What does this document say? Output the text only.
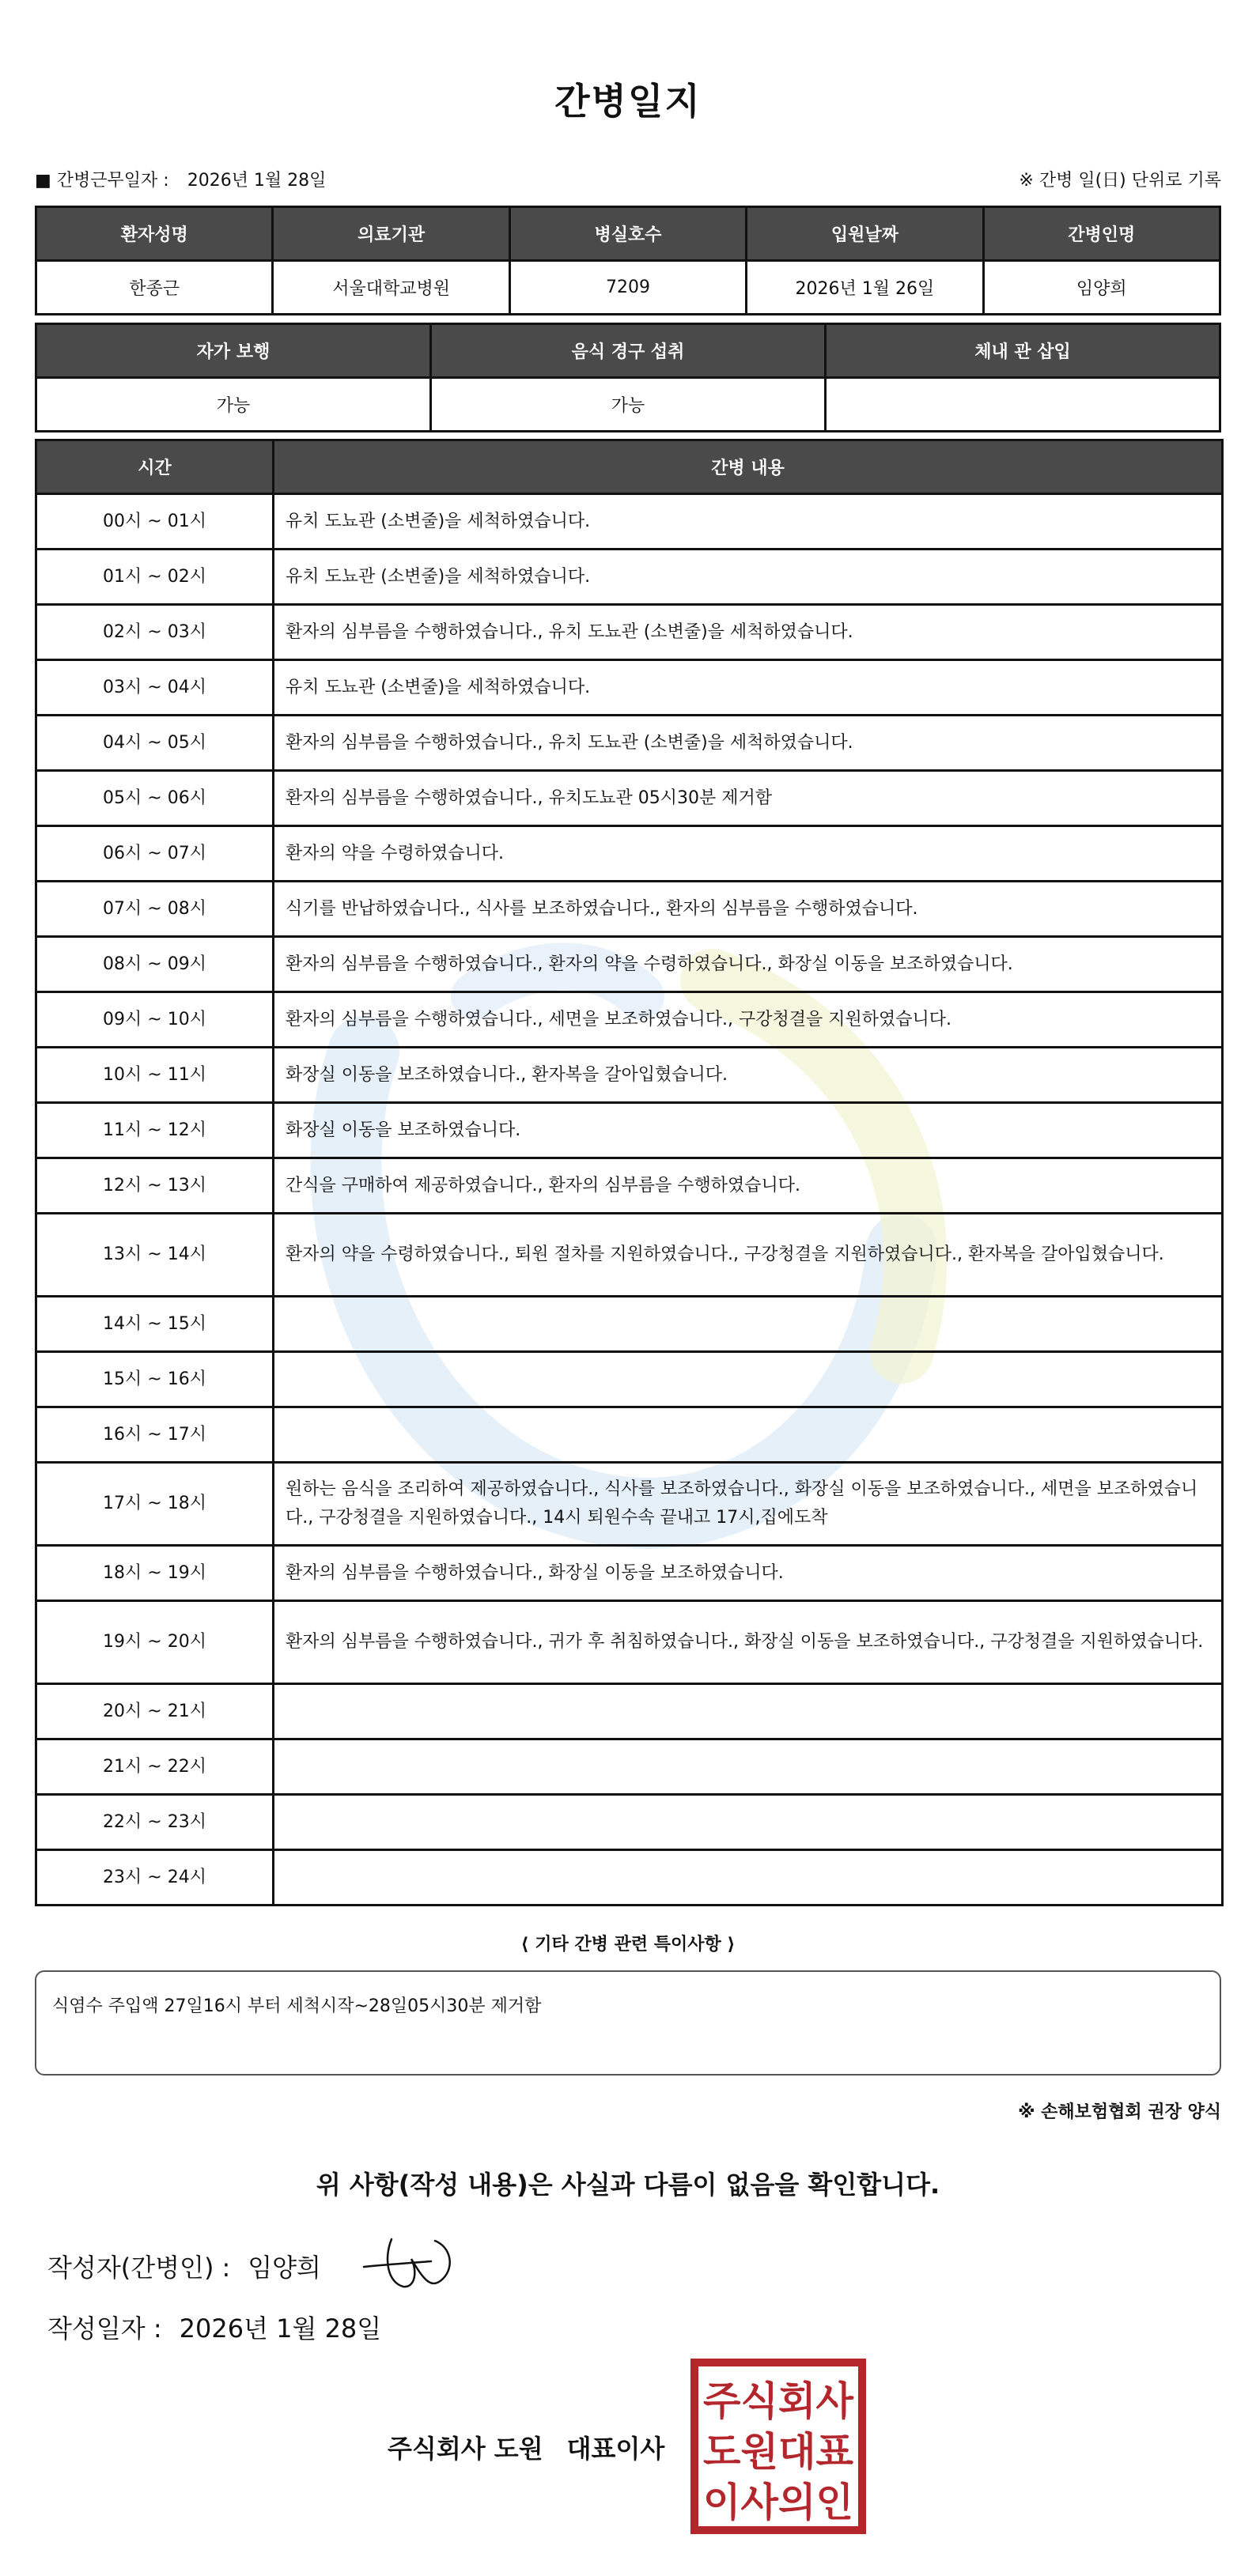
간병일지
■ 간병근무일자 : 2026년 1월 28일	※ 간병 일(日) 단위로 기록
환자성명	의료기관	병실호수	입원날짜	간병인명
한종근	서울대학교병원	7209	2026년 1월 26일	임양희
자가 보행	음식 경구 섭취	체내 관 삽입
가능	가능	
시간	간병 내용
00시 ~ 01시	유치 도뇨관 (소변줄)을 세척하였습니다.
01시 ~ 02시	유치 도뇨관 (소변줄)을 세척하였습니다.
02시 ~ 03시	환자의 심부름을 수행하였습니다., 유치 도뇨관 (소변줄)을 세척하였습니다.
03시 ~ 04시	유치 도뇨관 (소변줄)을 세척하였습니다.
04시 ~ 05시	환자의 심부름을 수행하였습니다., 유치 도뇨관 (소변줄)을 세척하였습니다.
05시 ~ 06시	환자의 심부름을 수행하였습니다., 유치도뇨관 05시30분 제거함
06시 ~ 07시	환자의 약을 수령하였습니다.
07시 ~ 08시	식기를 반납하였습니다., 식사를 보조하였습니다., 환자의 심부름을 수행하였습니다.
08시 ~ 09시	환자의 심부름을 수행하였습니다., 환자의 약을 수령하였습니다., 화장실 이동을 보조하였습니다.
09시 ~ 10시	환자의 심부름을 수행하였습니다., 세면을 보조하였습니다., 구강청결을 지원하였습니다.
10시 ~ 11시	화장실 이동을 보조하였습니다., 환자복을 갈아입혔습니다.
11시 ~ 12시	화장실 이동을 보조하였습니다.
12시 ~ 13시	간식을 구매하여 제공하였습니다., 환자의 심부름을 수행하였습니다.
13시 ~ 14시	환자의 약을 수령하였습니다., 퇴원 절차를 지원하였습니다., 구강청결을 지원하였습니다., 환자복을 갈아입혔습니다.
14시 ~ 15시	
15시 ~ 16시	
16시 ~ 17시	
17시 ~ 18시	원하는 음식을 조리하여 제공하였습니다., 식사를 보조하였습니다., 화장실 이동을 보조하였습니다., 세면을 보조하였습니다., 구강청결을 지원하였습니다., 14시 퇴원수속 끝내고 17시,집에도착
18시 ~ 19시	환자의 심부름을 수행하였습니다., 화장실 이동을 보조하였습니다.
19시 ~ 20시	환자의 심부름을 수행하였습니다., 귀가 후 취침하였습니다., 화장실 이동을 보조하였습니다., 구강청결을 지원하였습니다.
20시 ~ 21시	
21시 ~ 22시	
22시 ~ 23시	
23시 ~ 24시	
⟨ 기타 간병 관련 특이사항 ⟩
식염수 주입액 27일16시 부터 세척시작~28일05시30분 제거함
※ 손해보험협회 권장 양식
위 사항(작성 내용)은 사실과 다름이 없음을 확인합니다.
작성자(간병인) : 임양희
작성일자 : 2026년 1월 28일
주식회사 도원 대표이사
주식회사
도원대표
이사의인
